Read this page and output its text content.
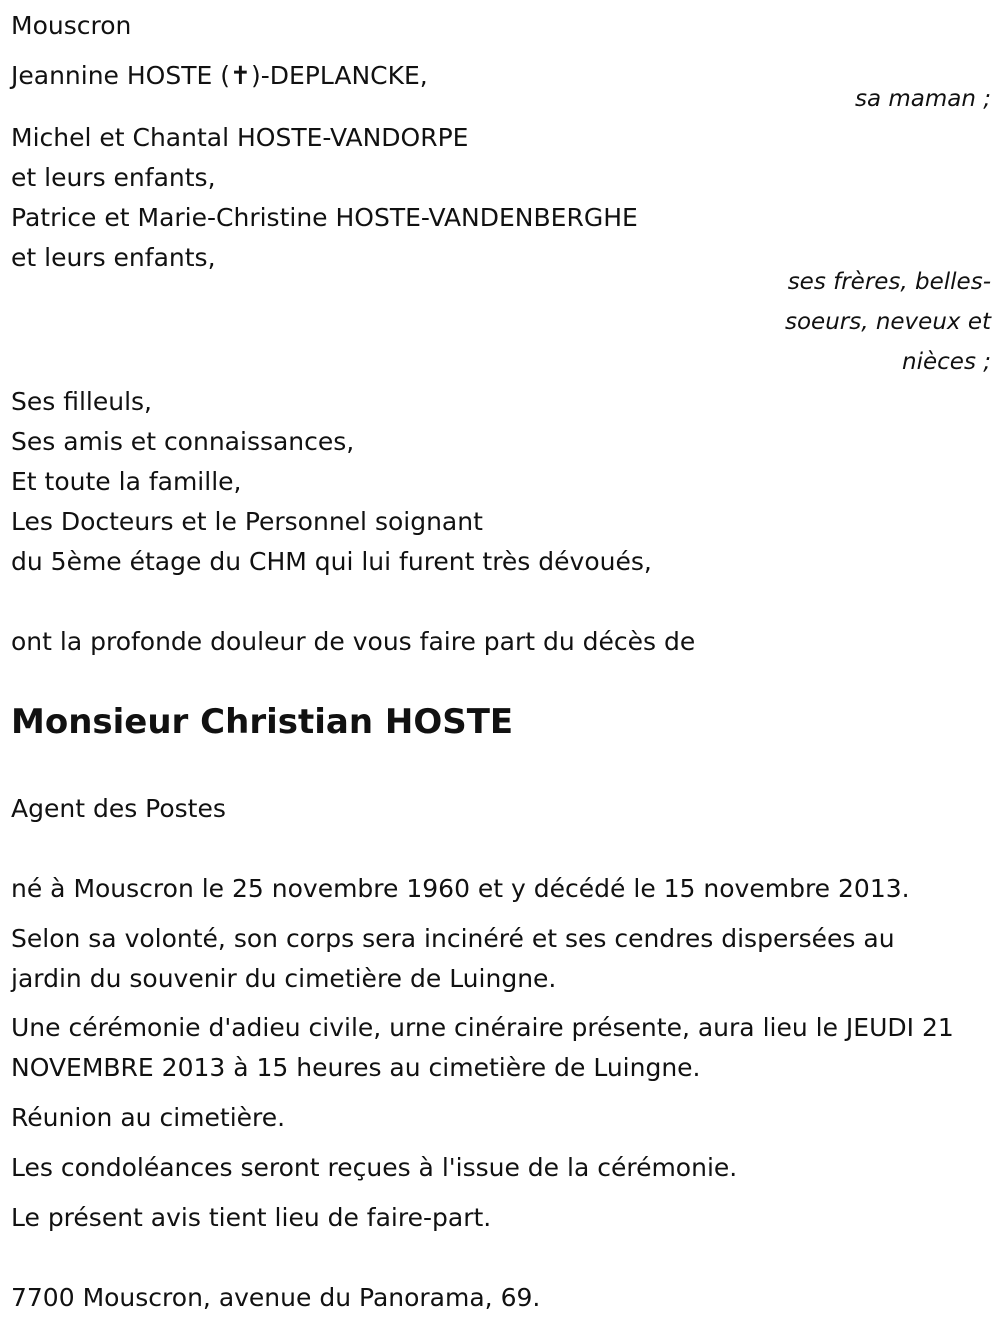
Mouscron
Jeannine HOSTE (✝)-DEPLANCKE,
sa maman ;
Michel et Chantal HOSTE-VANDORPE
et leurs enfants,
Patrice et Marie-Christine HOSTE-VANDENBERGHE
et leurs enfants,
ses frères, belles-
soeurs, neveux et
nièces ;
Ses filleuls,
Ses amis et connaissances,
Et toute la famille,
Les Docteurs et le Personnel soignant
du 5ème étage du CHM qui lui furent très dévoués,
ont la profonde douleur de vous faire part du décès de
Monsieur Christian HOSTE
Agent des Postes
né à Mouscron le 25 novembre 1960 et y décédé le 15 novembre 2013.
Selon sa volonté, son corps sera incinéré et ses cendres dispersées au jardin du souvenir du cimetière de Luingne.
Une cérémonie d'adieu civile, urne cinéraire présente, aura lieu le JEUDI 21 NOVEMBRE 2013 à 15 heures au cimetière de Luingne.
Réunion au cimetière.
Les condoléances seront reçues à l'issue de la cérémonie.
Le présent avis tient lieu de faire-part.
7700 Mouscron, avenue du Panorama, 69.
